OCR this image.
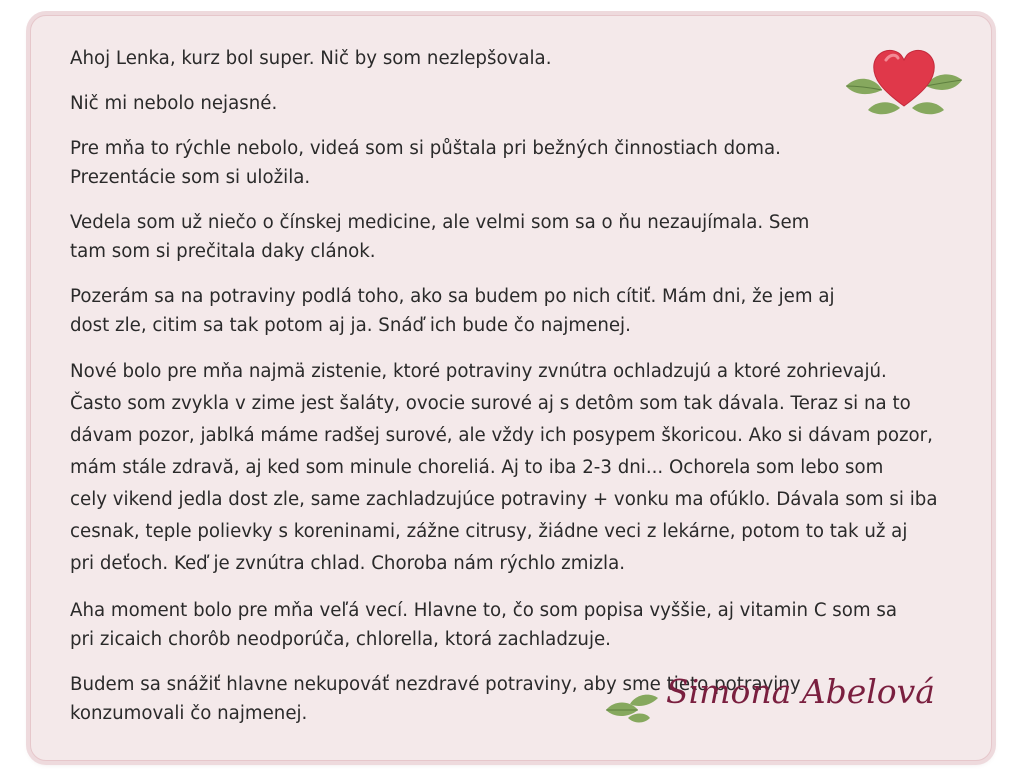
Ahoj Lenka, kurz bol super. Nič by som nezlepšovala.

Nič mi nebolo nejasné.

Pre mňa to rýchle nebolo, videá som si půštala pri bežných činnostiach doma.
Prezentácie som si uložila.

Vedela som už niečo o čínskej medicine, ale velmi som sa o ňu nezaujímala. Sem
tam som si prečitala daky clánok.

Pozerám sa na potraviny podlá toho, ako sa budem po nich cítiť. Mám dni, že jem aj
dost zle, citim sa tak potom aj ja. Snáď ich bude čo najmenej.

Nové bolo pre mňa najmä zistenie, ktoré potraviny zvnútra ochladzujú a ktoré zohrievajú.
Často som zvykla v zime jest šaláty, ovocie surové aj s detôm som tak dávala. Teraz si na to
dávam pozor, jablká máme radšej surové, ale vždy ich posypem škoricou. Ako si dávam pozor,
mám stále zdravă, aj ked som minule choreliá. Aj to iba 2-3 dni... Ochorela som lebo som
cely vikend jedla dost zle, same zachladzujúce potraviny + vonku ma ofúklo. Dávala som si iba
cesnak, teple polievky s koreninami, zážne citrusy, žiádne veci z lekárne, potom to tak už aj
pri deťoch. Keď je zvnútra chlad. Choroba nám rýchlo zmizla.

Aha moment bolo pre mňa veľá vecí. Hlavne to, čo som popisa vyššie, aj vitamin C som sa
pri zicaich chorôb neodporúča, chlorella, ktorá zachladzuje.

Budem sa snážiť hlavne nekupováť nezdravé potraviny, aby sme tieto potraviny
konzumovali čo najmenej.

Simona Abelová
